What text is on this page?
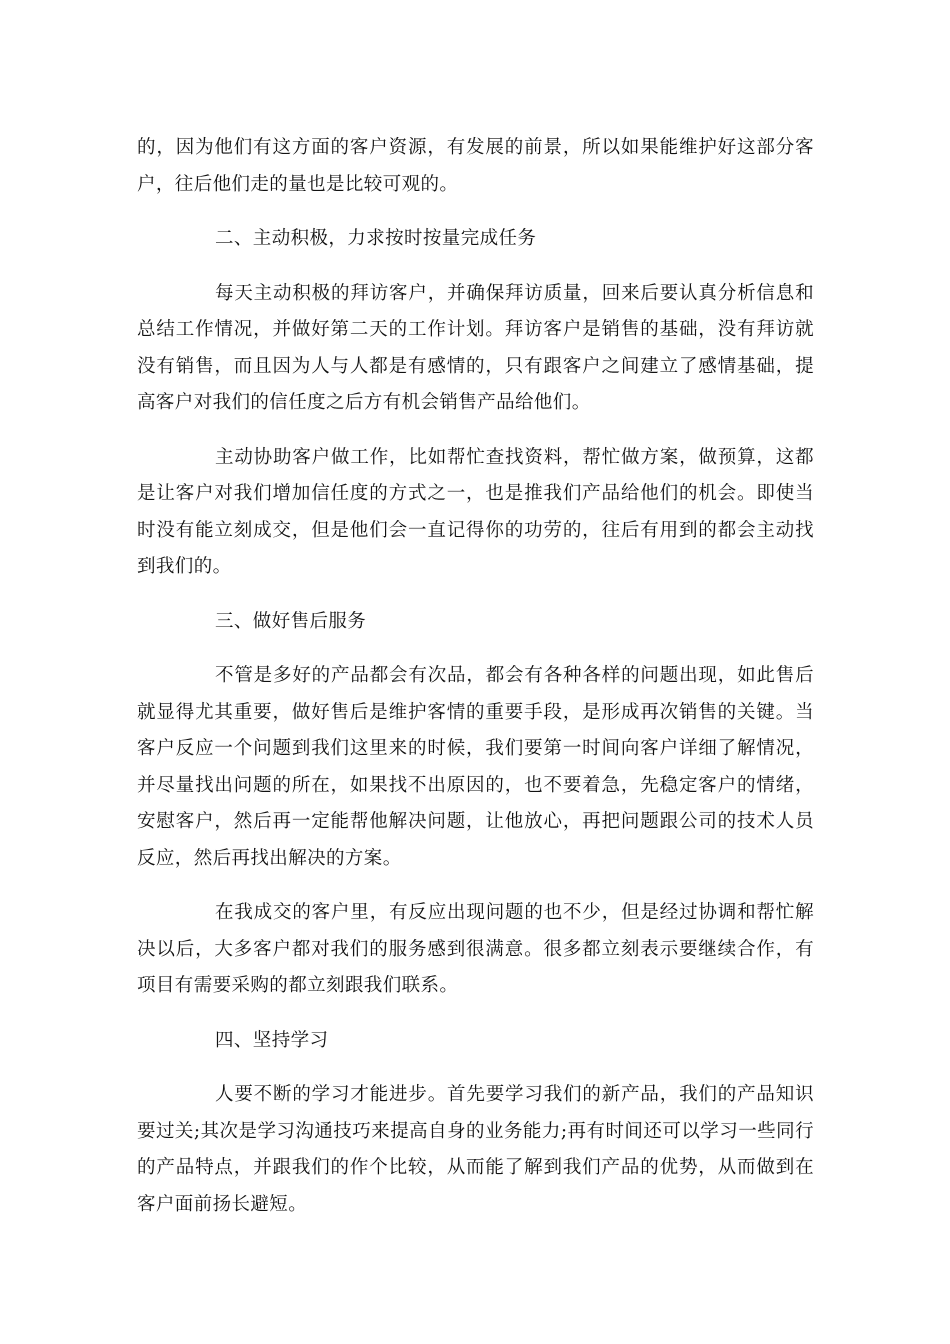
的，因为他们有这方面的客户资源，有发展的前景，所以如果能维护好这部分客户，往后他们走的量也是比较可观的。

二、主动积极，力求按时按量完成任务

每天主动积极的拜访客户，并确保拜访质量，回来后要认真分析信息和总结工作情况，并做好第二天的工作计划。拜访客户是销售的基础，没有拜访就没有销售，而且因为人与人都是有感情的，只有跟客户之间建立了感情基础，提高客户对我们的信任度之后方有机会销售产品给他们。

主动协助客户做工作，比如帮忙查找资料，帮忙做方案，做预算，这都是让客户对我们增加信任度的方式之一，也是推我们产品给他们的机会。即使当时没有能立刻成交，但是他们会一直记得你的功劳的，往后有用到的都会主动找到我们的。

三、做好售后服务

不管是多好的产品都会有次品，都会有各种各样的问题出现，如此售后就显得尤其重要，做好售后是维护客情的重要手段，是形成再次销售的关键。当客户反应一个问题到我们这里来的时候，我们要第一时间向客户详细了解情况，并尽量找出问题的所在，如果找不出原因的，也不要着急，先稳定客户的情绪，安慰客户，然后再一定能帮他解决问题，让他放心，再把问题跟公司的技术人员反应，然后再找出解决的方案。

在我成交的客户里，有反应出现问题的也不少，但是经过协调和帮忙解决以后，大多客户都对我们的服务感到很满意。很多都立刻表示要继续合作，有项目有需要采购的都立刻跟我们联系。

四、坚持学习

人要不断的学习才能进步。首先要学习我们的新产品，我们的产品知识要过关;其次是学习沟通技巧来提高自身的业务能力;再有时间还可以学习一些同行的产品特点，并跟我们的作个比较，从而能了解到我们产品的优势，从而做到在客户面前扬长避短。
